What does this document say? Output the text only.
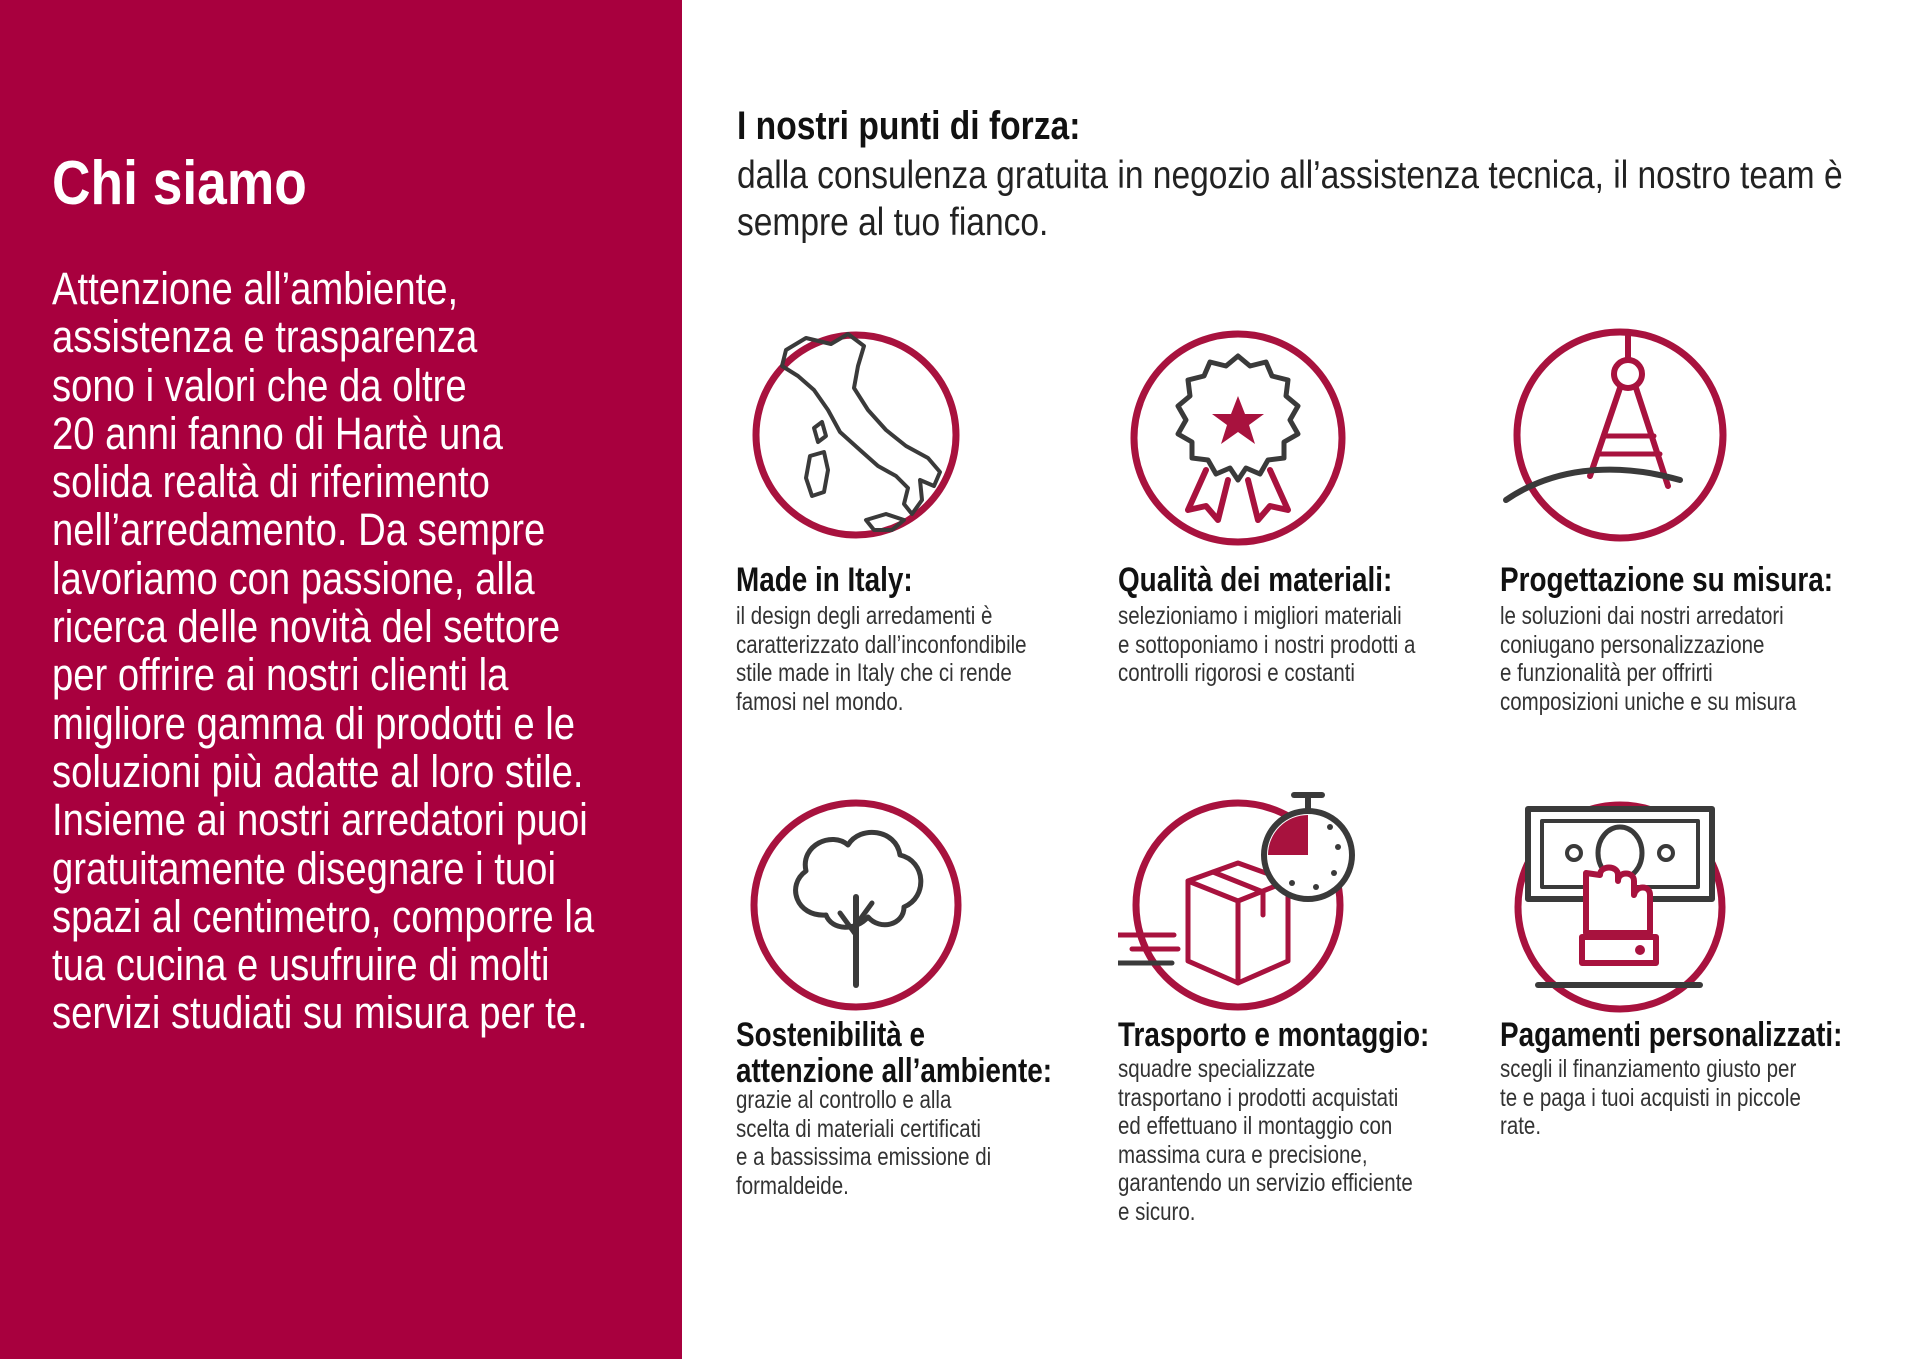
Chi siamo

Attenzione all’ambiente,
assistenza e trasparenza
sono i valori che da oltre
20 anni fanno di Hartè una
solida realtà di riferimento
nell’arredamento. Da sempre
lavoriamo con passione, alla
ricerca delle novità del settore
per offrire ai nostri clienti la
migliore gamma di prodotti e le
soluzioni più adatte al loro stile.
Insieme ai nostri arredatori puoi
gratuitamente disegnare i tuoi
spazi al centimetro, comporre la
tua cucina e usufruire di molti
servizi studiati su misura per te.

I nostri punti di forza:

dalla consulenza gratuita in negozio all’assistenza tecnica, il nostro team è
sempre al tuo fianco.

Made in Italy:

il design degli arredamenti è
caratterizzato dall’inconfondibile
stile made in Italy che ci rende
famosi nel mondo.

Qualità dei materiali:

selezioniamo i migliori materiali
e sottoponiamo i nostri prodotti a
controlli rigorosi e costanti

Progettazione su misura:

le soluzioni dai nostri arredatori
coniugano personalizzazione
e funzionalità per offrirti
composizioni uniche e su misura

Sostenibilità e
attenzione all’ambiente:

grazie al controllo e alla
scelta di materiali certificati
e a bassissima emissione di
formaldeide.

Trasporto e montaggio:

squadre specializzate
trasportano i prodotti acquistati
ed effettuano il montaggio con
massima cura e precisione,
garantendo un servizio efficiente
e sicuro.

Pagamenti personalizzati:

scegli il finanziamento giusto per
te e paga i tuoi acquisti in piccole
rate.
